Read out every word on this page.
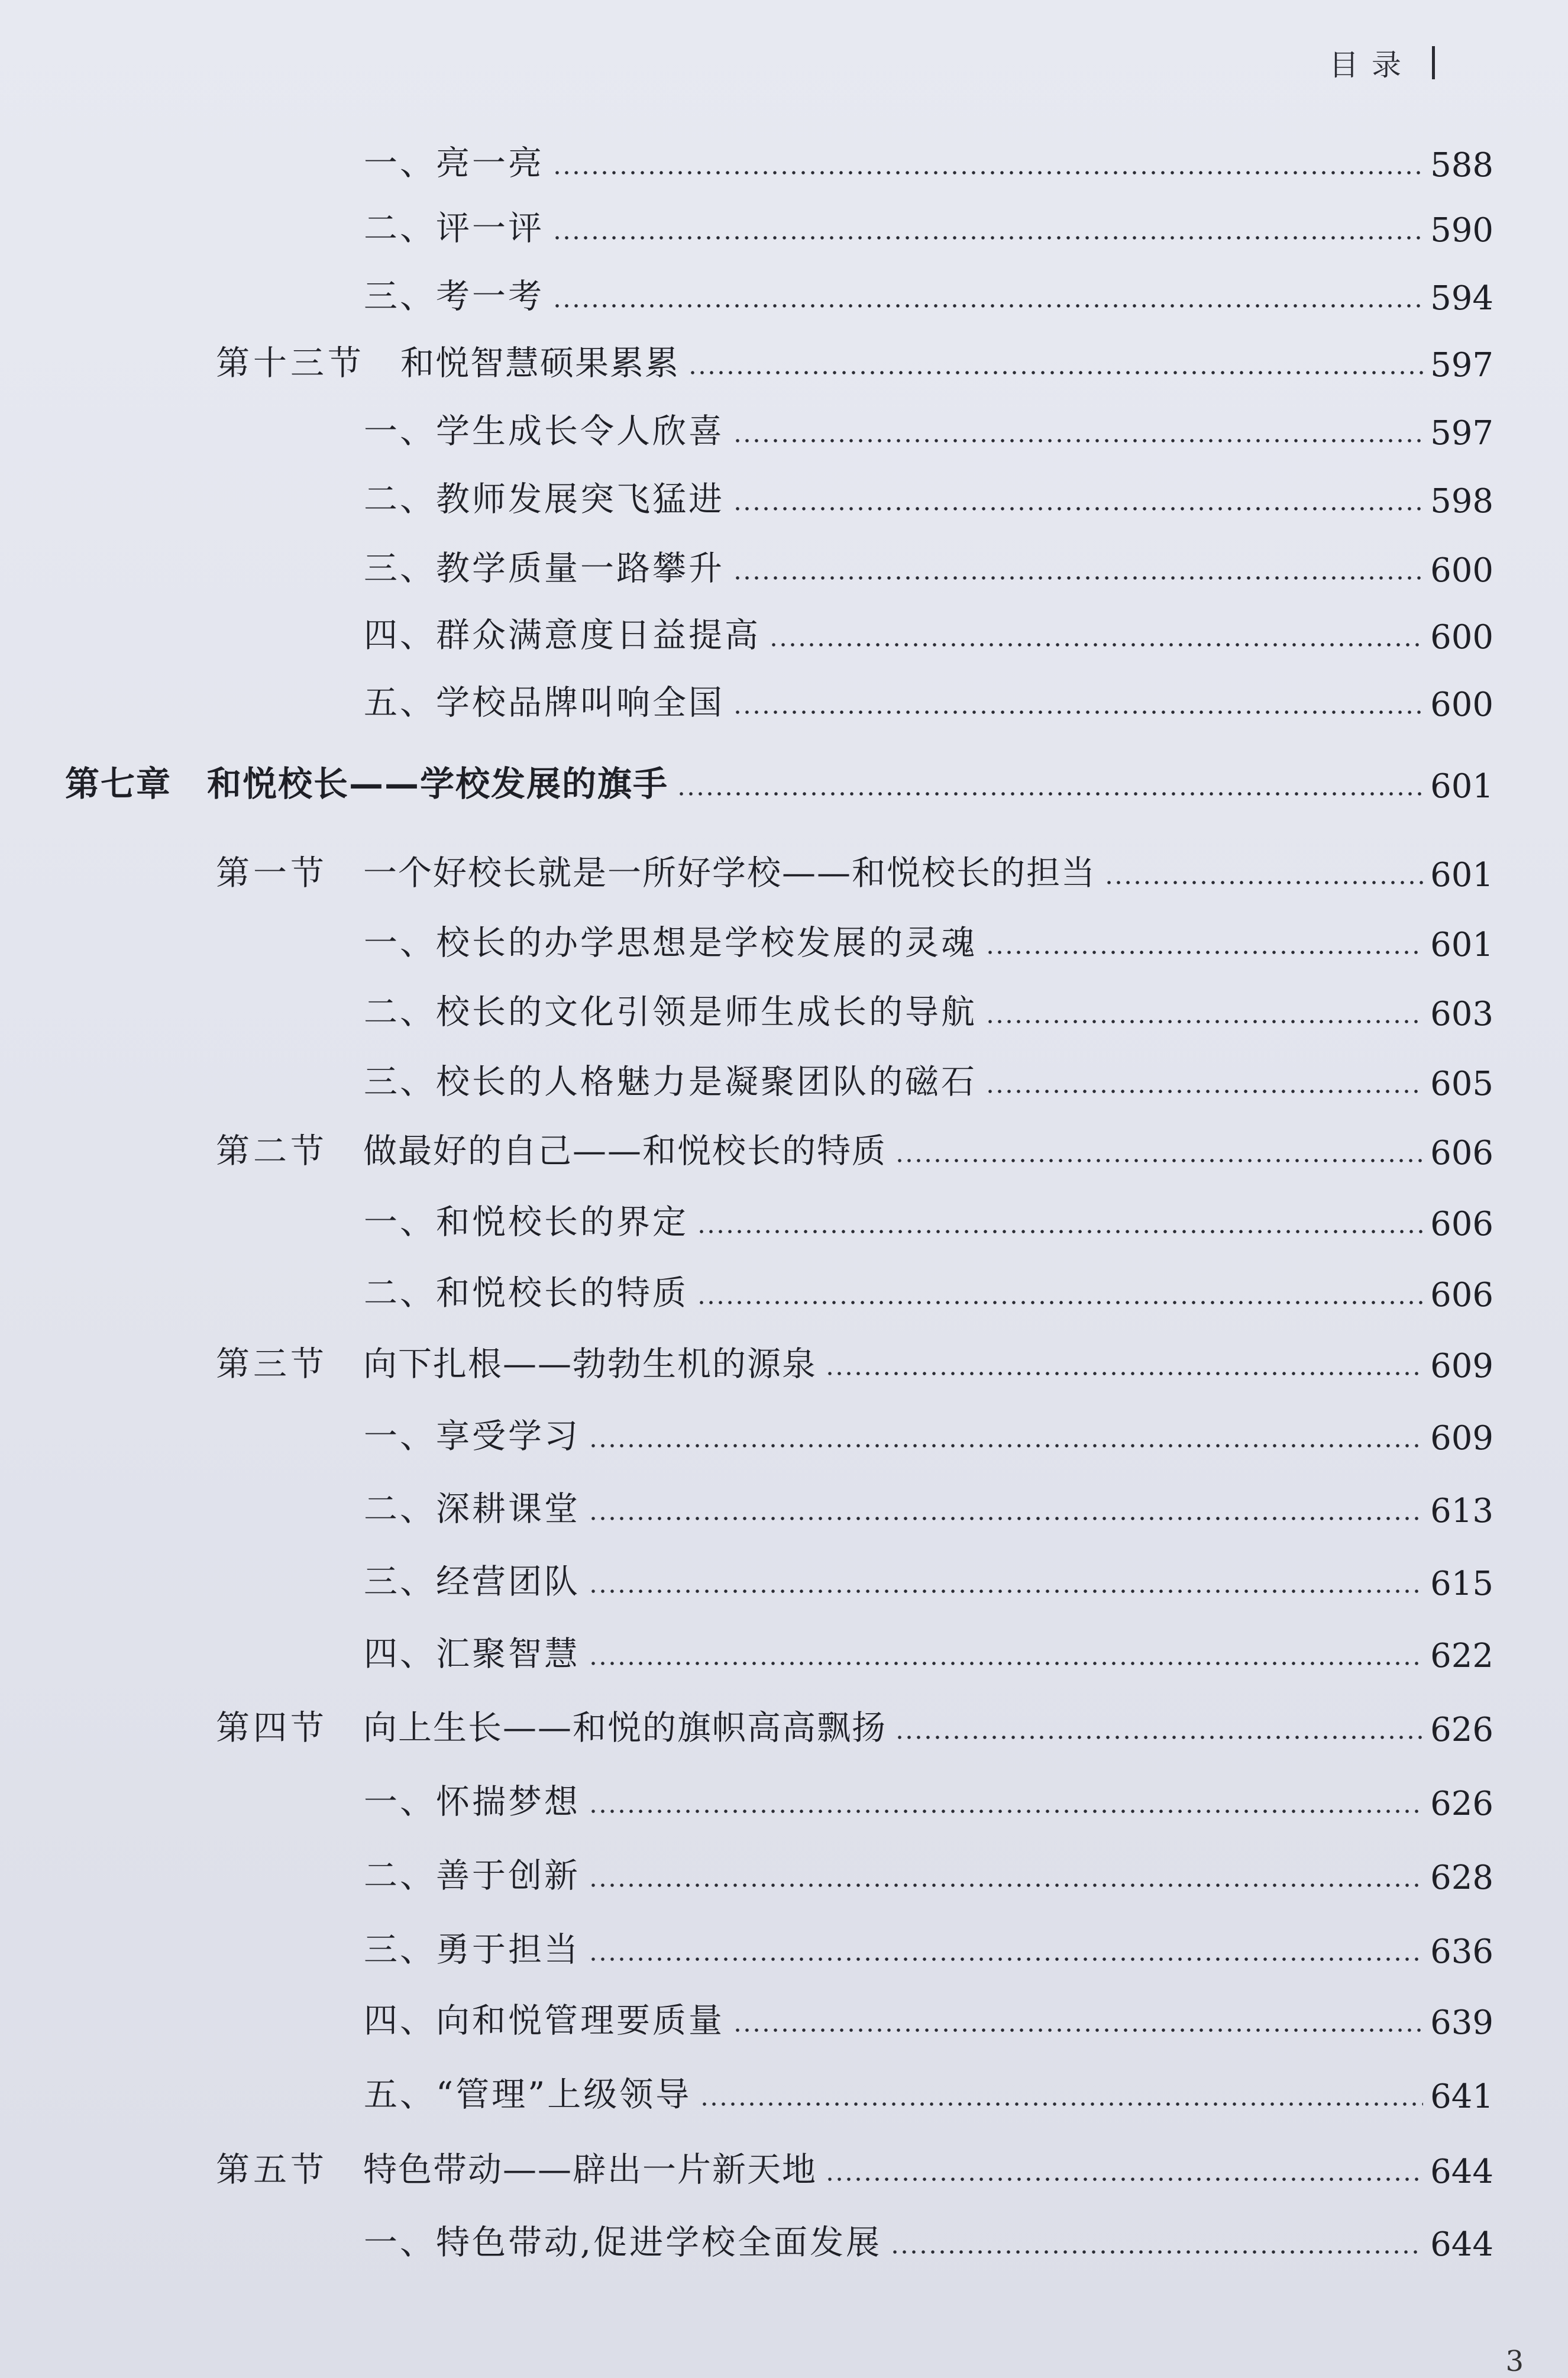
目录
一、亮一亮	588
二、评一评	590
三、考一考	594
第十三节 和悦智慧硕果累累	597
一、学生成长令人欣喜	597
二、教师发展突飞猛进	598
三、教学质量一路攀升	600
四、群众满意度日益提高	600
五、学校品牌叫响全国	600
第七章 和悦校长——学校发展的旗手	601
第一节 一个好校长就是一所好学校——和悦校长的担当	601
一、校长的办学思想是学校发展的灵魂	601
二、校长的文化引领是师生成长的导航	603
三、校长的人格魅力是凝聚团队的磁石	605
第二节 做最好的自己——和悦校长的特质	606
一、和悦校长的界定	606
二、和悦校长的特质	606
第三节 向下扎根——勃勃生机的源泉	609
一、享受学习	609
二、深耕课堂	613
三、经营团队	615
四、汇聚智慧	622
第四节 向上生长——和悦的旗帜高高飘扬	626
一、怀揣梦想	626
二、善于创新	628
三、勇于担当	636
四、向和悦管理要质量	639
五、“管理”上级领导	641
第五节 特色带动——辟出一片新天地	644
一、特色带动,促进学校全面发展	644
3
